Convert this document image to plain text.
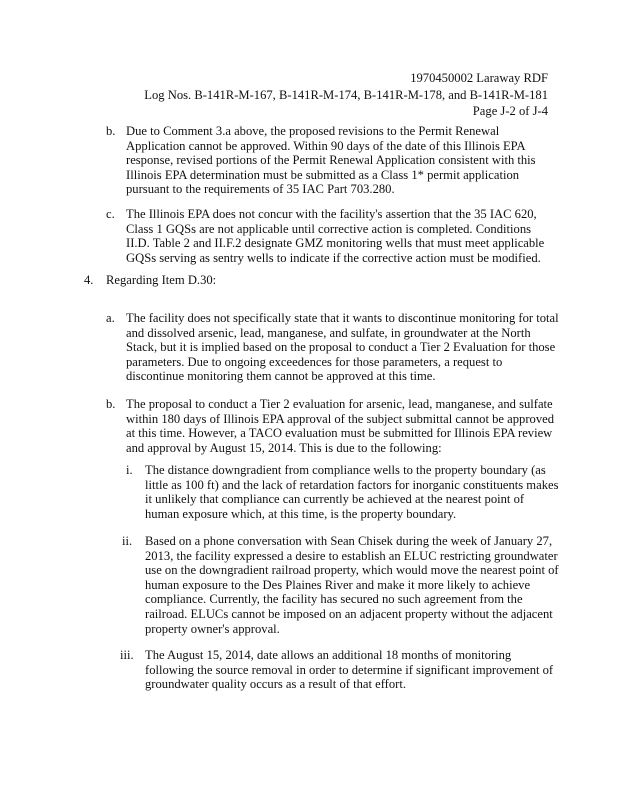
1970450002 Laraway RDF
Log Nos. B-141R-M-167, B-141R-M-174, B-141R-M-178, and B-141R-M-181
Page J-2 of J-4
b. Due to Comment 3.a above, the proposed revisions to the Permit Renewal
Application cannot be approved. Within 90 days of the date of this Illinois EPA
response, revised portions of the Permit Renewal Application consistent with this
Illinois EPA determination must be submitted as a Class 1* permit application
pursuant to the requirements of 35 IAC Part 703.280.
c. The Illinois EPA does not concur with the facility's assertion that the 35 IAC 620,
Class 1 GQSs are not applicable until corrective action is completed. Conditions
II.D. Table 2 and II.F.2 designate GMZ monitoring wells that must meet applicable
GQSs serving as sentry wells to indicate if the corrective action must be modified.
4. Regarding Item D.30:
a. The facility does not specifically state that it wants to discontinue monitoring for total
and dissolved arsenic, lead, manganese, and sulfate, in groundwater at the North
Stack, but it is implied based on the proposal to conduct a Tier 2 Evaluation for those
parameters. Due to ongoing exceedences for those parameters, a request to
discontinue monitoring them cannot be approved at this time.
b. The proposal to conduct a Tier 2 evaluation for arsenic, lead, manganese, and sulfate
within 180 days of Illinois EPA approval of the subject submittal cannot be approved
at this time. However, a TACO evaluation must be submitted for Illinois EPA review
and approval by August 15, 2014. This is due to the following:
i. The distance downgradient from compliance wells to the property boundary (as
little as 100 ft) and the lack of retardation factors for inorganic constituents makes
it unlikely that compliance can currently be achieved at the nearest point of
human exposure which, at this time, is the property boundary.
ii. Based on a phone conversation with Sean Chisek during the week of January 27,
2013, the facility expressed a desire to establish an ELUC restricting groundwater
use on the downgradient railroad property, which would move the nearest point of
human exposure to the Des Plaines River and make it more likely to achieve
compliance. Currently, the facility has secured no such agreement from the
railroad. ELUCs cannot be imposed on an adjacent property without the adjacent
property owner's approval.
iii. The August 15, 2014, date allows an additional 18 months of monitoring
following the source removal in order to determine if significant improvement of
groundwater quality occurs as a result of that effort.
